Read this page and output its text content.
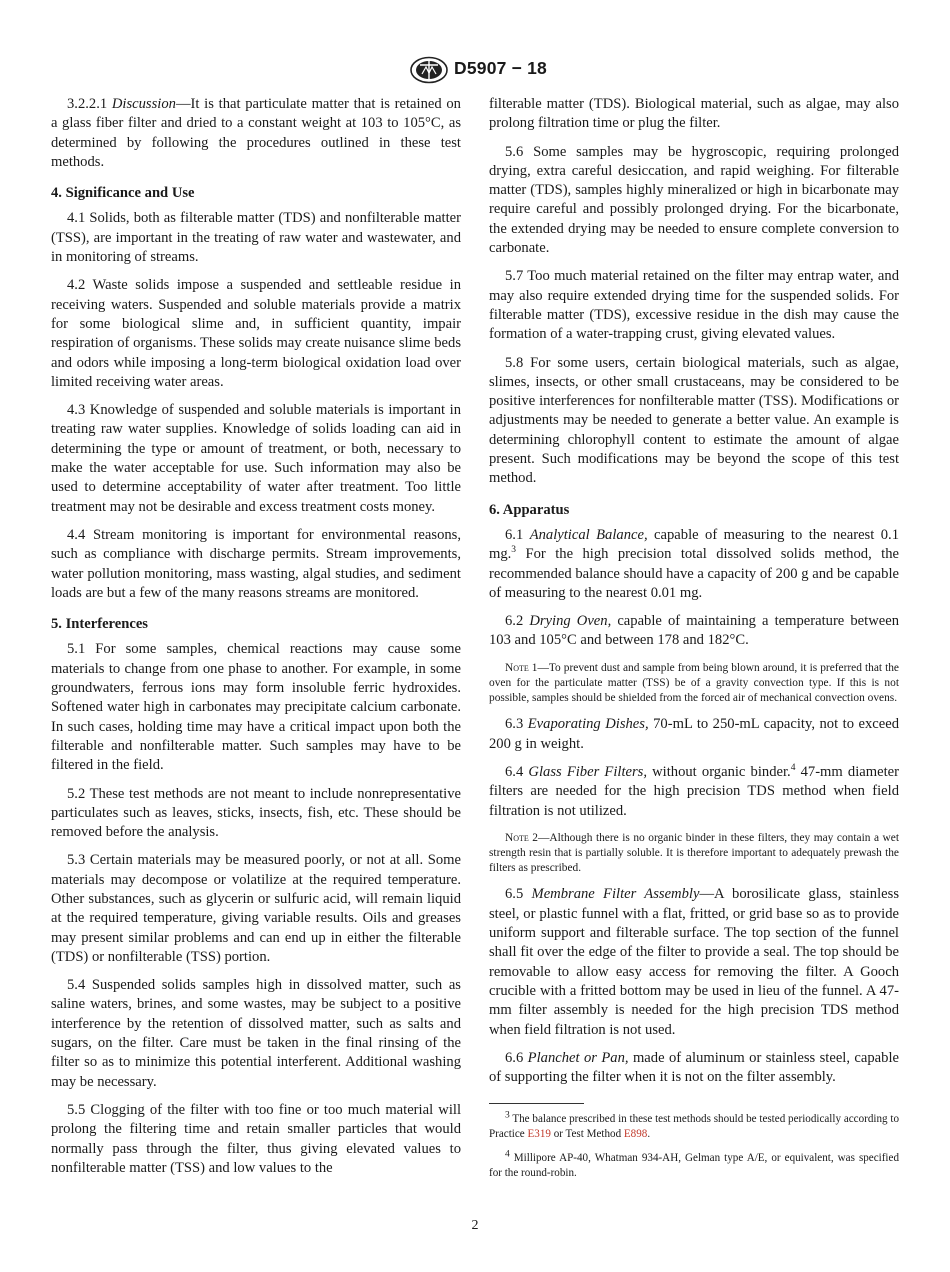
D5907 − 18

3.2.2.1 Discussion—It is that particulate matter that is retained on a glass fiber filter and dried to a constant weight at 103 to 105°C, as determined by following the procedures outlined in these test methods.

4. Significance and Use

4.1 Solids, both as filterable matter (TDS) and nonfilterable matter (TSS), are important in the treating of raw water and wastewater, and in monitoring of streams.

4.2 Waste solids impose a suspended and settleable residue in receiving waters. Suspended and soluble materials provide a matrix for some biological slime and, in sufficient quantity, impair respiration of organisms. These solids may create nuisance slime beds and odors while imposing a long-term biological oxidation load over limited receiving water areas.

4.3 Knowledge of suspended and soluble materials is important in treating raw water supplies. Knowledge of solids loading can aid in determining the type or amount of treatment, or both, necessary to make the water acceptable for use. Such information may also be used to determine acceptability of water after treatment. Too little treatment may not be desirable and excess treatment costs money.

4.4 Stream monitoring is important for environmental reasons, such as compliance with discharge permits. Stream improvements, water pollution monitoring, mass wasting, algal studies, and sediment loads are but a few of the many reasons streams are monitored.

5. Interferences

5.1 For some samples, chemical reactions may cause some materials to change from one phase to another. For example, in some groundwaters, ferrous ions may form insoluble ferric hydroxides. Softened water high in carbonates may precipitate calcium carbonate. In such cases, holding time may have a critical impact upon both the filterable and nonfilterable matter. Such samples may have to be filtered in the field.

5.2 These test methods are not meant to include nonrepresentative particulates such as leaves, sticks, insects, fish, etc. These should be removed before the analysis.

5.3 Certain materials may be measured poorly, or not at all. Some materials may decompose or volatilize at the required temperature. Other substances, such as glycerin or sulfuric acid, will remain liquid at the required temperature, giving variable results. Oils and greases may present similar problems and can end up in either the filterable (TDS) or nonfilterable (TSS) portion.

5.4 Suspended solids samples high in dissolved matter, such as saline waters, brines, and some wastes, may be subject to a positive interference by the retention of dissolved matter, such as salts and sugars, on the filter. Care must be taken in the final rinsing of the filter so as to minimize this potential interferent. Additional washing may be necessary.

5.5 Clogging of the filter with too fine or too much material will prolong the filtering time and retain smaller particles that would normally pass through the filter, thus giving elevated values to nonfilterable matter (TSS) and low values to the

filterable matter (TDS). Biological material, such as algae, may also prolong filtration time or plug the filter.

5.6 Some samples may be hygroscopic, requiring prolonged drying, extra careful desiccation, and rapid weighing. For filterable matter (TDS), samples highly mineralized or high in bicarbonate may require careful and possibly prolonged drying. For the bicarbonate, the extended drying may be needed to ensure complete conversion to carbonate.

5.7 Too much material retained on the filter may entrap water, and may also require extended drying time for the suspended solids. For filterable matter (TDS), excessive residue in the dish may cause the formation of a water-trapping crust, giving elevated values.

5.8 For some users, certain biological materials, such as algae, slimes, insects, or other small crustaceans, may be considered to be positive interferences for nonfilterable matter (TSS). Modifications or adjustments may be needed to generate a better value. An example is determining chlorophyll content to estimate the amount of algae present. Such modifications may be beyond the scope of this test method.

6. Apparatus

6.1 Analytical Balance, capable of measuring to the nearest 0.1 mg.$^3$ For the high precision total dissolved solids method, the recommended balance should have a capacity of 200 g and be capable of measuring to the nearest 0.01 mg.

6.2 Drying Oven, capable of maintaining a temperature between 103 and 105°C and between 178 and 182°C.

Note 1—To prevent dust and sample from being blown around, it is preferred that the oven for the particulate matter (TSS) be of a gravity convection type. If this is not possible, samples should be shielded from the forced air of mechanical convection ovens.

6.3 Evaporating Dishes, 70-mL to 250-mL capacity, not to exceed 200 g in weight.

6.4 Glass Fiber Filters, without organic binder.$^4$ 47-mm diameter filters are needed for the high precision TDS method when field filtration is not utilized.

Note 2—Although there is no organic binder in these filters, they may contain a wet strength resin that is partially soluble. It is therefore important to adequately prewash the filters as prescribed.

6.5 Membrane Filter Assembly—A borosilicate glass, stainless steel, or plastic funnel with a flat, fritted, or grid base so as to provide uniform support and filterable surface. The top section of the funnel shall fit over the edge of the filter to provide a seal. The top should be removable to allow easy access for removing the filter. A Gooch crucible with a fritted bottom may be used in lieu of the funnel. A 47-mm filter assembly is needed for the high precision TDS method when field filtration is not used.

6.6 Planchet or Pan, made of aluminum or stainless steel, capable of supporting the filter when it is not on the filter assembly.

$^3$ The balance prescribed in these test methods should be tested periodically according to Practice E319 or Test Method E898.

$^4$ Millipore AP-40, Whatman 934-AH, Gelman type A/E, or equivalent, was specified for the round-robin.

2
